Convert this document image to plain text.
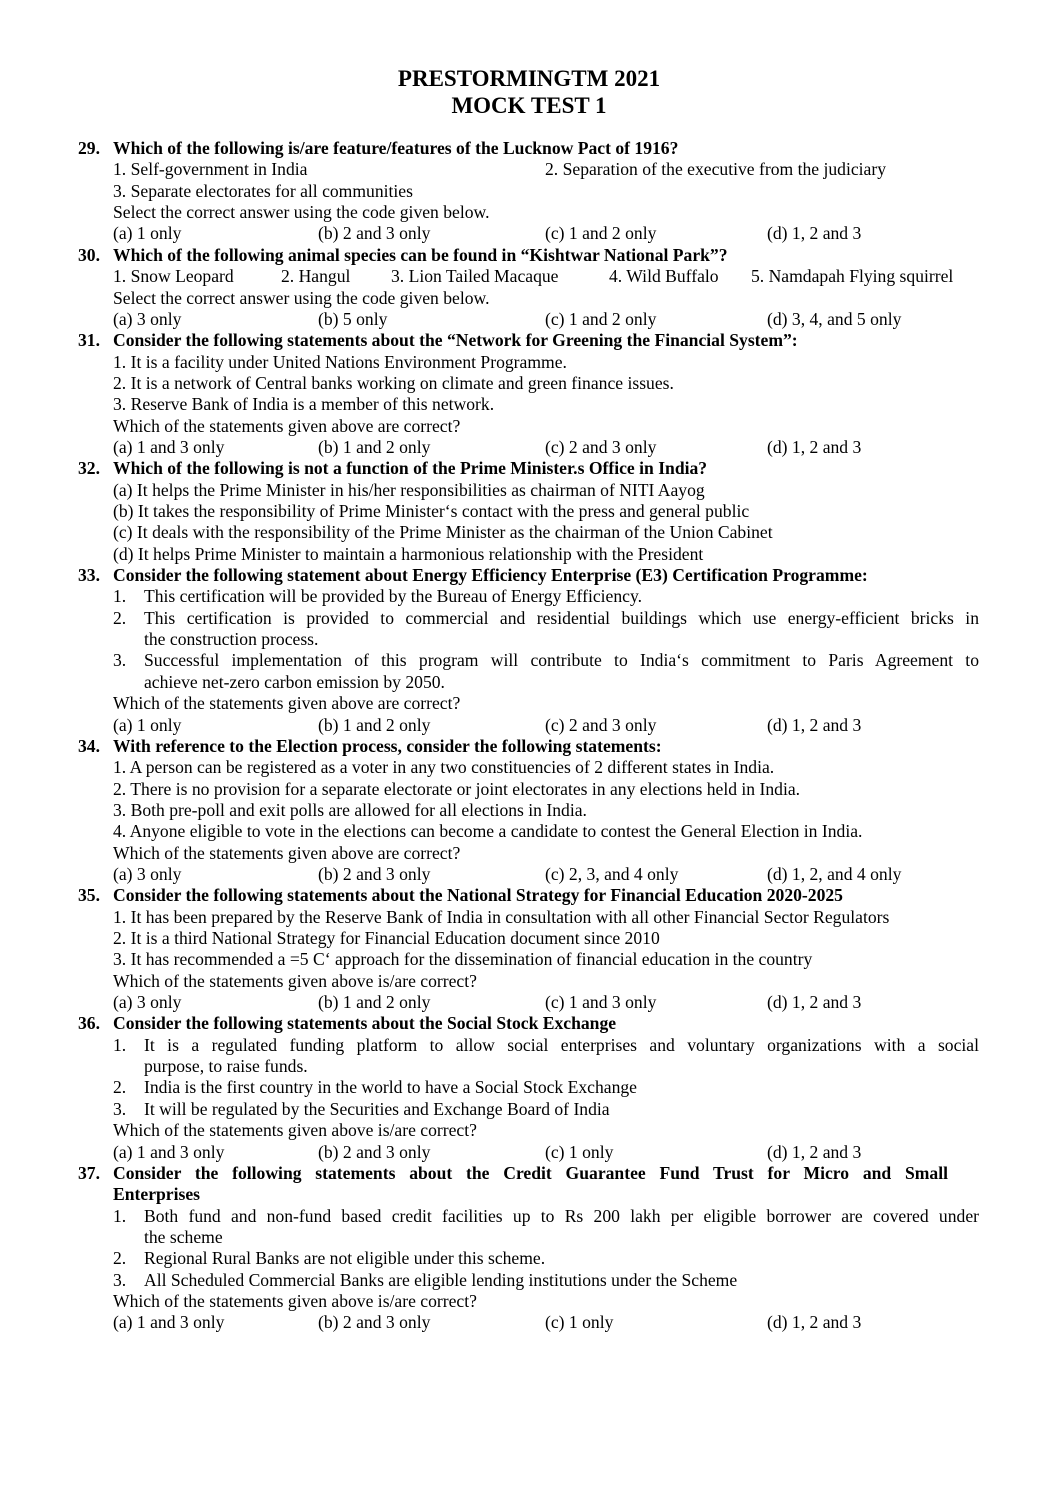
PRESTORMINGTM 2021
MOCK TEST 1
29. Which of the following is/are feature/features of the Lucknow Pact of 1916?
1. Self-government in India	2. Separation of the executive from the judiciary
3. Separate electorates for all communities
Select the correct answer using the code given below.
(a) 1 only	(b) 2 and 3 only	(c) 1 and 2 only	(d) 1, 2 and 3
30. Which of the following animal species can be found in “Kishtwar National Park”?
1. Snow Leopard	2. Hangul 3. Lion Tailed Macaque	4. Wild Buffalo 5. Namdapah Flying squirrel
Select the correct answer using the code given below.
(a) 3 only	(b) 5 only	(c) 1 and 2 only	(d) 3, 4, and 5 only
31. Consider the following statements about the “Network for Greening the Financial System”:
1. It is a facility under United Nations Environment Programme.
2. It is a network of Central banks working on climate and green finance issues.
3. Reserve Bank of India is a member of this network.
Which of the statements given above are correct?
(a) 1 and 3 only	(b) 1 and 2 only	(c) 2 and 3 only	(d) 1, 2 and 3
32. Which of the following is not a function of the Prime Minister.s Office in India?
(a) It helps the Prime Minister in his/her responsibilities as chairman of NITI Aayog
(b) It takes the responsibility of Prime Minister‘s contact with the press and general public
(c) It deals with the responsibility of the Prime Minister as the chairman of the Union Cabinet
(d) It helps Prime Minister to maintain a harmonious relationship with the President
33. Consider the following statement about Energy Efficiency Enterprise (E3) Certification Programme:
1. This certification will be provided by the Bureau of Energy Efficiency.
2. This certification is provided to commercial and residential buildings which use energy-efficient bricks in
the construction process.
3. Successful implementation of this program will contribute to India‘s commitment to Paris Agreement to
achieve net-zero carbon emission by 2050.
Which of the statements given above are correct?
(a) 1 only	(b) 1 and 2 only	(c) 2 and 3 only	(d) 1, 2 and 3
34. With reference to the Election process, consider the following statements:
1. A person can be registered as a voter in any two constituencies of 2 different states in India.
2. There is no provision for a separate electorate or joint electorates in any elections held in India.
3. Both pre-poll and exit polls are allowed for all elections in India.
4. Anyone eligible to vote in the elections can become a candidate to contest the General Election in India.
Which of the statements given above are correct?
(a) 3 only	(b) 2 and 3 only	(c) 2, 3, and 4 only	(d) 1, 2, and 4 only
35. Consider the following statements about the National Strategy for Financial Education 2020-2025
1. It has been prepared by the Reserve Bank of India in consultation with all other Financial Sector Regulators
2. It is a third National Strategy for Financial Education document since 2010
3. It has recommended a =5 C‘ approach for the dissemination of financial education in the country
Which of the statements given above is/are correct?
(a) 3 only	(b) 1 and 2 only	(c) 1 and 3 only	(d) 1, 2 and 3
36. Consider the following statements about the Social Stock Exchange
1. It is a regulated funding platform to allow social enterprises and voluntary organizations with a social
purpose, to raise funds.
2. India is the first country in the world to have a Social Stock Exchange
3. It will be regulated by the Securities and Exchange Board of India
Which of the statements given above is/are correct?
(a) 1 and 3 only	(b) 2 and 3 only	(c) 1 only	(d) 1, 2 and 3
37. Consider the following statements about the Credit Guarantee Fund Trust for Micro and Small
Enterprises
1. Both fund and non-fund based credit facilities up to Rs 200 lakh per eligible borrower are covered under
the scheme
2. Regional Rural Banks are not eligible under this scheme.
3. All Scheduled Commercial Banks are eligible lending institutions under the Scheme
Which of the statements given above is/are correct?
(a) 1 and 3 only	(b) 2 and 3 only	(c) 1 only	(d) 1, 2 and 3
